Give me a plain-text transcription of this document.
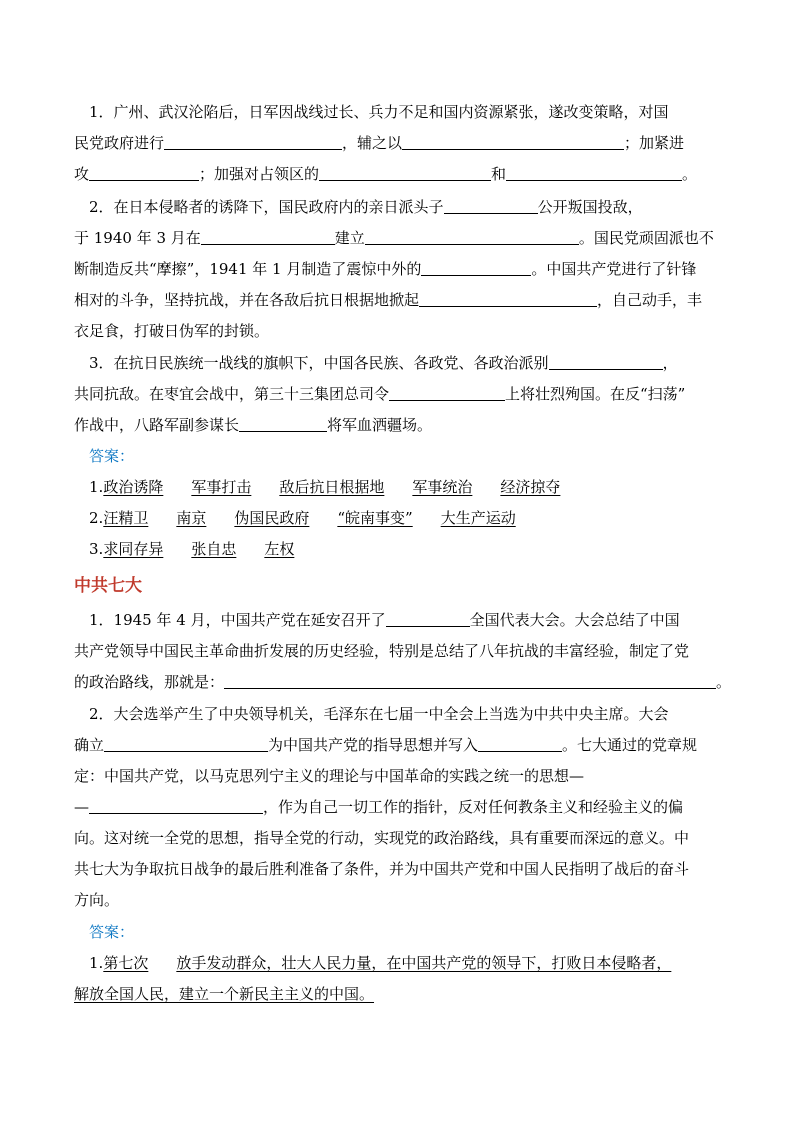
 1．广州、武汉沦陷后，日军因战线过长、兵力不足和国内资源紧张，遂改变策略，对国
民党政府进行	，辅之以	；加紧进
攻	；加强对占领区的	和	。
 2．在日本侵略者的诱降下，国民政府内的亲日派头子	公开叛国投敌，
于 1940 年 3 月在	建立	。国民党顽固派也不
断制造反共“摩擦”，1941 年 1 月制造了震惊中外的	。中国共产党进行了针锋
相对的斗争，坚持抗战，并在各敌后抗日根据地掀起	，自己动手，丰
衣足食，打破日伪军的封锁。
 3．在抗日民族统一战线的旗帜下，中国各民族、各政党、各政治派别	，
共同抗敌。在枣宜会战中，第三十三集团总司令	上将壮烈殉国。在反“扫荡”
作战中，八路军副参谋长	将军血洒疆场。
 答案：
 1.政治诱降 军事打击 敌后抗日根据地 军事统治 经济掠夺
 2.汪精卫 南京 伪国民政府 “皖南事变” 大生产运动
 3.求同存异 张自忠 左权
中共七大
 1．1945 年 4 月，中国共产党在延安召开了	全国代表大会。大会总结了中国
共产党领导中国民主革命曲折发展的历史经验，特别是总结了八年抗战的丰富经验，制定了党
的政治路线，那就是：	。
 2．大会选举产生了中央领导机关，毛泽东在七届一中全会上当选为中共中央主席。大会
确立	为中国共产党的指导思想并写入	。七大通过的党章规
定：中国共产党，以马克思列宁主义的理论与中国革命的实践之统一的思想—
—	，作为自己一切工作的指针，反对任何教条主义和经验主义的偏
向。这对统一全党的思想，指导全党的行动，实现党的政治路线，具有重要而深远的意义。中
共七大为争取抗日战争的最后胜利准备了条件，并为中国共产党和中国人民指明了战后的奋斗
方向。
 答案：
 1.第七次 放手发动群众，壮大人民力量，在中国共产党的领导下，打败日本侵略者，
解放全国人民，建立一个新民主主义的中国。
